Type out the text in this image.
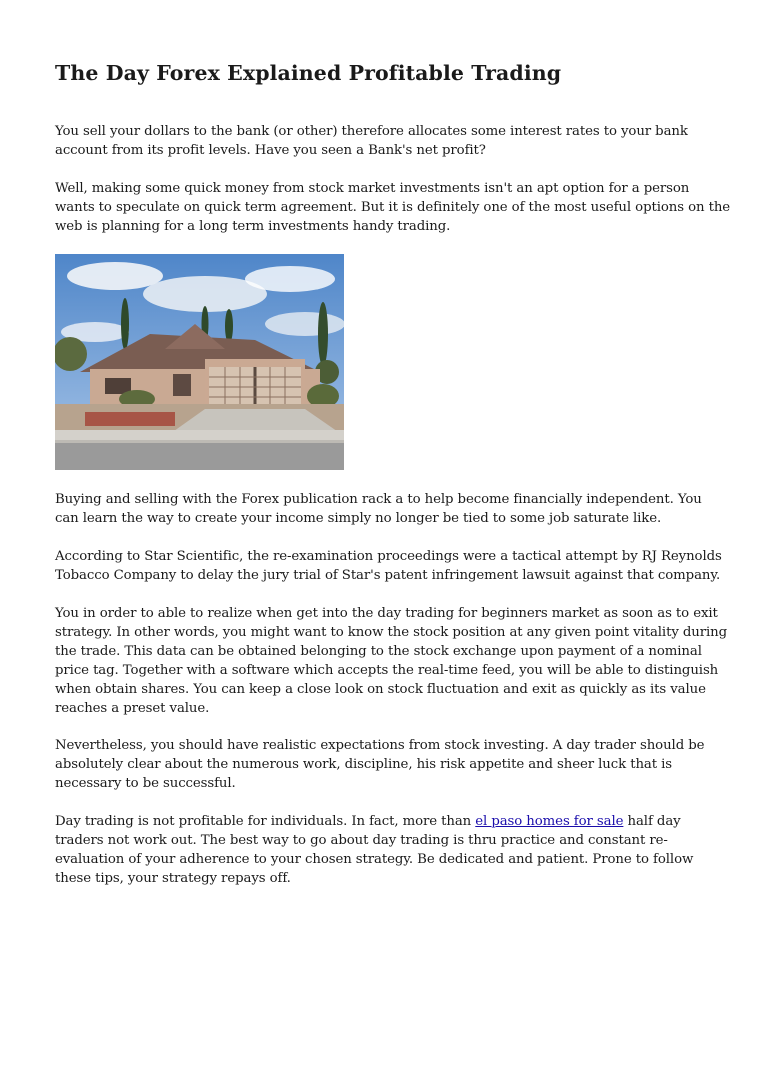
The Day Forex Explained Profitable Trading

You sell your dollars to the bank (or other) therefore allocates some interest rates to your bank
account from its profit levels. Have you seen a Bank's net profit?

Well, making some quick money from stock market investments isn't an apt option for a person
wants to speculate on quick term agreement. But it is definitely one of the most useful options on the
web is planning for a long term investments handy trading.

Buying and selling with the Forex publication rack a to help become financially independent. You
can learn the way to create your income simply no longer be tied to some job saturate like.

According to Star Scientific, the re-examination proceedings were a tactical attempt by RJ Reynolds
Tobacco Company to delay the jury trial of Star's patent infringement lawsuit against that company.

You in order to able to realize when get into the day trading for beginners market as soon as to exit
strategy. In other words, you might want to know the stock position at any given point vitality during
the trade. This data can be obtained belonging to the stock exchange upon payment of a nominal
price tag. Together with a software which accepts the real-time feed, you will be able to distinguish
when obtain shares. You can keep a close look on stock fluctuation and exit as quickly as its value
reaches a preset value.

Nevertheless, you should have realistic expectations from stock investing. A day trader should be
absolutely clear about the numerous work, discipline, his risk appetite and sheer luck that is
necessary to be successful.

Day trading is not profitable for individuals. In fact, more than el paso homes for sale half day
traders not work out. The best way to go about day trading is thru practice and constant re-
evaluation of your adherence to your chosen strategy. Be dedicated and patient. Prone to follow
these tips, your strategy repays off.
